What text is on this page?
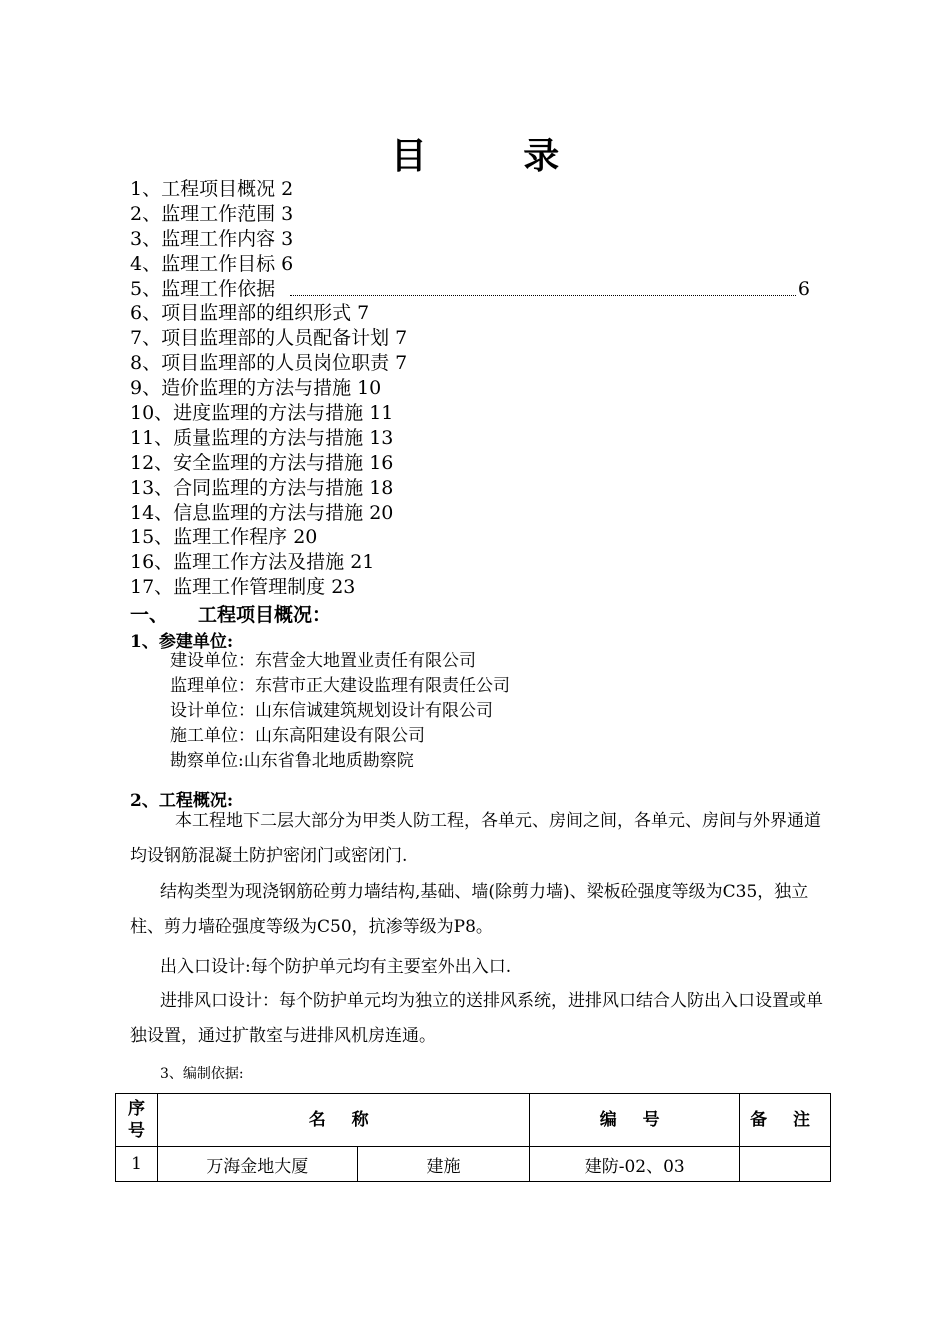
目 录
1、工程项目概况 2
2、监理工作范围 3
3、监理工作内容 3
4、监理工作目标 6
5、监理工作依据	6
6、项目监理部的组织形式 7
7、项目监理部的人员配备计划 7
8、项目监理部的人员岗位职责 7
9、造价监理的方法与措施 10
10、进度监理的方法与措施 11
11、质量监理的方法与措施 13
12、安全监理的方法与措施 16
13、合同监理的方法与措施 18
14、信息监理的方法与措施 20
15、监理工作程序 20
16、监理工作方法及措施 21
17、监理工作管理制度 23
一、 工程项目概况：
1、参建单位:
建设单位：东营金大地置业责任有限公司
监理单位：东营市正大建设监理有限责任公司
设计单位：山东信诚建筑规划设计有限公司
施工单位：山东高阳建设有限公司
勘察单位:山东省鲁北地质勘察院
2、工程概况:
本工程地下二层大部分为甲类人防工程，各单元、房间之间，各单元、房间与外界通道均设钢筋混凝土防护密闭门或密闭门.
结构类型为现浇钢筋砼剪力墙结构,基础、墙(除剪力墙)、梁板砼强度等级为C35，独立柱、剪力墙砼强度等级为C50，抗渗等级为P8。
出入口设计:每个防护单元均有主要室外出入口.
进排风口设计：每个防护单元均为独立的送排风系统，进排风口结合人防出入口设置或单独设置，通过扩散室与进排风机房连通。
3、编制依据:
序号	名 称		编 号	备 注
1	万海金地大厦	建施	建防-02、03	
